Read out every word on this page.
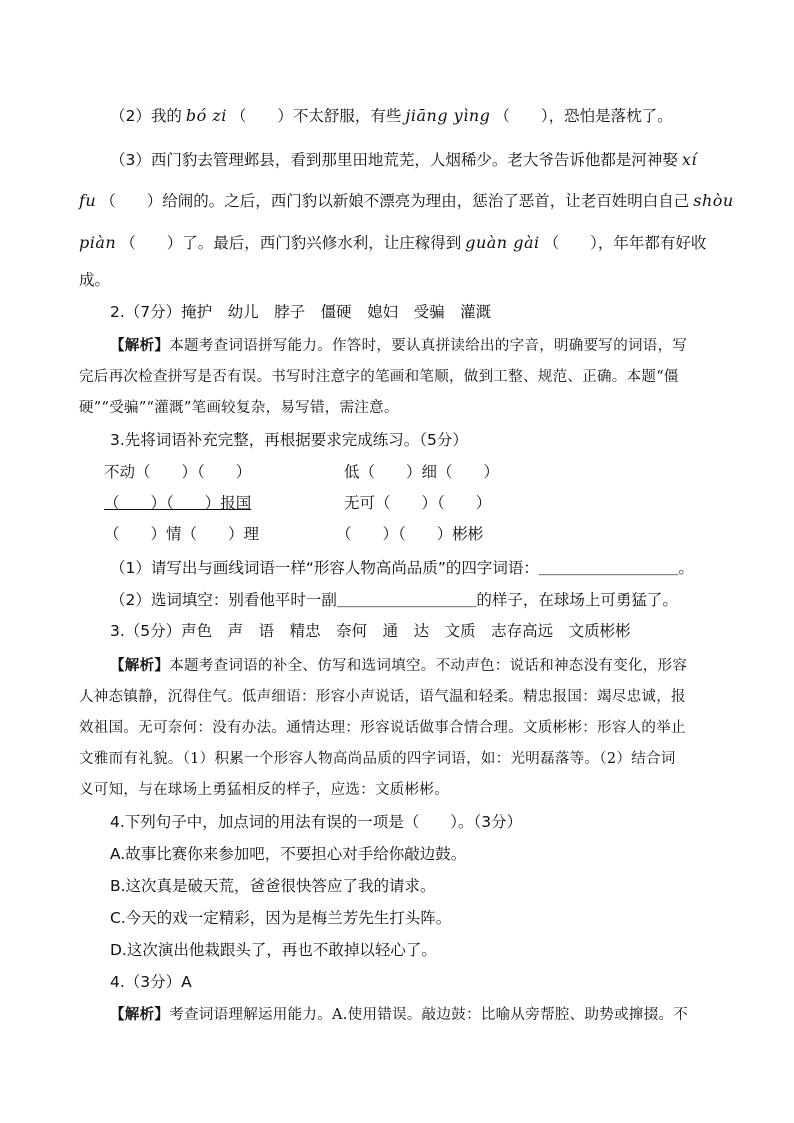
（2）我的 bó zi （　　）不太舒服，有些 jiāng yìng （　　），恐怕是落枕了。
（3）西门豹去管理邺县，看到那里田地荒芜，人烟稀少。老大爷告诉他都是河神娶 xí
fu （　　）给闹的。之后，西门豹以新娘不漂亮为理由，惩治了恶首，让老百姓明白自己 shòu
piàn （　　）了。最后，西门豹兴修水利，让庄稼得到 guàn gài （　　），年年都有好收
成。
2.（7分）掩护　幼儿　脖子　僵硬　媳妇　受骗　灌溉
【解析】本题考查词语拼写能力。作答时，要认真拼读给出的字音，明确要写的词语，写
完后再次检查拼写是否有误。书写时注意字的笔画和笔顺，做到工整、规范、正确。本题“僵
硬”“受骗”“灌溉”笔画较复杂，易写错，需注意。
3.先将词语补充完整，再根据要求完成练习。（5分）
不动（　　）（　　）	低（　　）细（　　）
（　　）（　　）报国	无可（　　）（　　）
（　　）情（　　）理	（　　）（　　）彬彬
（1）请写出与画线词语一样“形容人物高尚品质”的四字词语：＿＿＿＿＿＿＿＿＿。
（2）选词填空：别看他平时一副＿＿＿＿＿＿＿＿＿的样子，在球场上可勇猛了。
3.（5分）声色　声　语　精忠　奈何　通　达　文质　志存高远　文质彬彬
【解析】本题考查词语的补全、仿写和选词填空。不动声色：说话和神态没有变化，形容
人神态镇静，沉得住气。低声细语：形容小声说话，语气温和轻柔。精忠报国：竭尽忠诚，报
效祖国。无可奈何：没有办法。通情达理：形容说话做事合情合理。文质彬彬：形容人的举止
文雅而有礼貌。（1）积累一个形容人物高尚品质的四字词语，如：光明磊落等。（2）结合词
义可知，与在球场上勇猛相反的样子，应选：文质彬彬。
4.下列句子中，加点词的用法有误的一项是（　　）。（3分）
A.故事比赛你来参加吧，不要担心对手给你敲边鼓。
B.这次真是破天荒，爸爸很快答应了我的请求。
C.今天的戏一定精彩，因为是梅兰芳先生打头阵。
D.这次演出他栽跟头了，再也不敢掉以轻心了。
4.（3分）A
【解析】考查词语理解运用能力。A.使用错误。敲边鼓：比喻从旁帮腔、助势或撺掇。不
